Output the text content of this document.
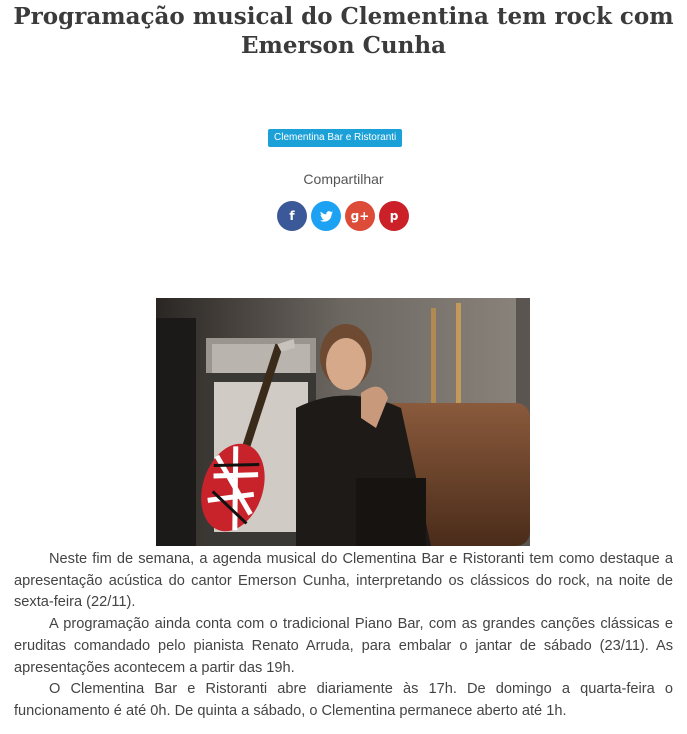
Programação musical do Clementina tem rock com Emerson Cunha
Clementina Bar e Ristoranti
Compartilhar
f	g+ p

Neste fim de semana, a agenda musical do Clementina Bar e Ristoranti tem como destaque a apresentação acústica do cantor Emerson Cunha, interpretando os clássicos do rock, na noite de sexta-feira (22/11).

A programação ainda conta com o tradicional Piano Bar, com as grandes canções clássicas e eruditas comandado pelo pianista Renato Arruda, para embalar o jantar de sábado (23/11). As apresentações acontecem a partir das 19h.

O Clementina Bar e Ristoranti abre diariamente às 17h. De domingo a quarta-feira o funcionamento é até 0h. De quinta a sábado, o Clementina permanece aberto até 1h.
